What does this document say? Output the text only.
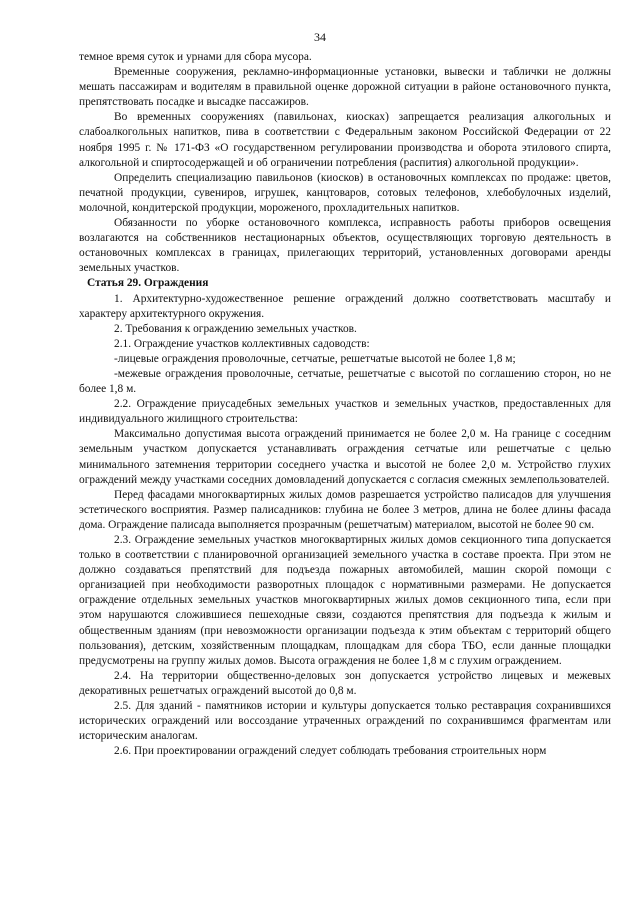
34

темное время суток и урнами для сбора мусора.

Временные сооружения, рекламно-информационные установки, вывески и таблички не должны мешать пассажирам и водителям в правильной оценке дорожной ситуации в районе остановочного пункта, препятствовать посадке и высадке пассажиров.

Во временных сооружениях (павильонах, киосках) запрещается реализация алкогольных и слабоалкогольных напитков, пива в соответствии с Федеральным законом Российской Федерации от 22 ноября 1995 г. № 171-ФЗ «О государственном регулировании производства и оборота этилового спирта, алкогольной и спиртосодержащей и об ограничении потребления (распития) алкогольной продукции».

Определить специализацию павильонов (киосков) в остановочных комплексах по продаже: цветов, печатной продукции, сувениров, игрушек, канцтоваров, сотовых телефонов, хлебобулочных изделий, молочной, кондитерской продукции, мороженого, прохладительных напитков.

Обязанности по уборке остановочного комплекса, исправность работы приборов освещения возлагаются на собственников нестационарных объектов, осуществляющих торговую деятельность в остановочных комплексах в границах, прилегающих территорий, установленных договорами аренды земельных участков.

Статья 29. Ограждения

1. Архитектурно-художественное решение ограждений должно соответствовать масштабу и характеру архитектурного окружения.

2. Требования к ограждению земельных участков.

2.1. Ограждение участков коллективных садоводств:

-лицевые ограждения проволочные, сетчатые, решетчатые высотой не более 1,8 м;

-межевые ограждения проволочные, сетчатые, решетчатые с высотой по соглашению сторон, но не более 1,8 м.

2.2. Ограждение приусадебных земельных участков и земельных участков, предоставленных для индивидуального жилищного строительства:

Максимально допустимая высота ограждений принимается не более 2,0 м. На границе с соседним земельным участком допускается устанавливать ограждения сетчатые или решетчатые с целью минимального затемнения территории соседнего участка и высотой не более 2,0 м. Устройство глухих ограждений между участками соседних домовладений допускается с согласия смежных землепользователей.

Перед фасадами многоквартирных жилых домов разрешается устройство палисадов для улучшения эстетического восприятия. Размер палисадников: глубина не более 3 метров, длина не более длины фасада дома. Ограждение палисада выполняется прозрачным (решетчатым) материалом, высотой не более 90 см.

2.3. Ограждение земельных участков многоквартирных жилых домов секционного типа допускается только в соответствии с планировочной организацией земельного участка в составе проекта. При этом не должно создаваться препятствий для подъезда пожарных автомобилей, машин скорой помощи с организацией при необходимости разворотных площадок с нормативными размерами. Не допускается ограждение отдельных земельных участков многоквартирных жилых домов секционного типа, если при этом нарушаются сложившиеся пешеходные связи, создаются препятствия для подъезда к жилым и общественным зданиям (при невозможности организации подъезда к этим объектам с территорий общего пользования), детским, хозяйственным площадкам, площадкам для сбора ТБО, если данные площадки предусмотрены на группу жилых домов. Высота ограждения не более 1,8 м с глухим ограждением.

2.4. На территории общественно-деловых зон допускается устройство лицевых и межевых декоративных решетчатых ограждений высотой до 0,8 м.

2.5. Для зданий - памятников истории и культуры допускается только реставрация сохранившихся исторических ограждений или воссоздание утраченных ограждений по сохранившимся фрагментам или историческим аналогам.

2.6. При проектировании ограждений следует соблюдать требования строительных норм
